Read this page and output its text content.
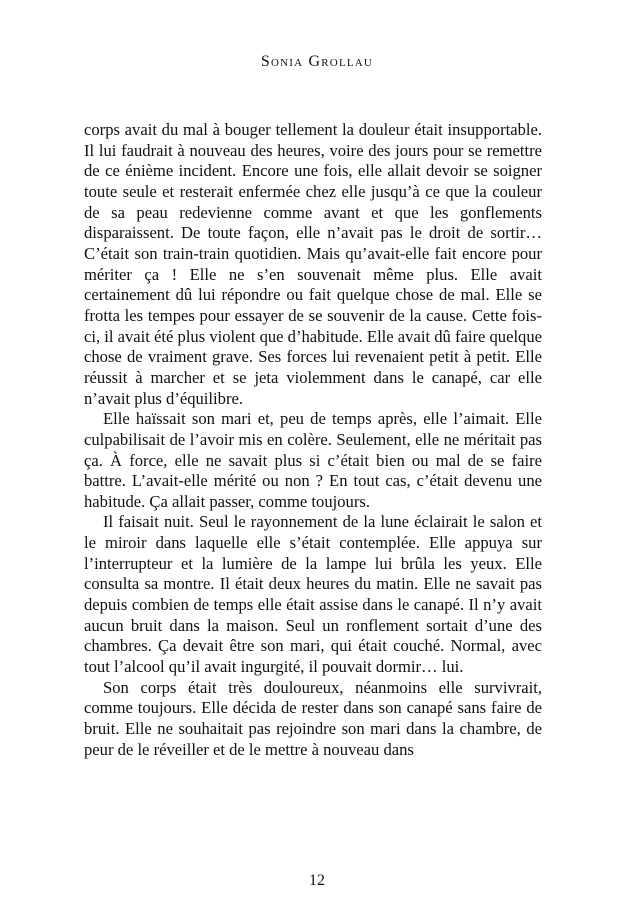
Sonia Grollau

corps avait du mal à bouger tellement la douleur était insupportable. Il lui faudrait à nouveau des heures, voire des jours pour se remettre de ce énième incident. Encore une fois, elle allait devoir se soigner toute seule et resterait enfermée chez elle jusqu’à ce que la couleur de sa peau redevienne comme avant et que les gonflements disparaissent. De toute façon, elle n’avait pas le droit de sortir… C’était son train-train quotidien. Mais qu’avait-elle fait encore pour mériter ça ! Elle ne s’en souvenait même plus. Elle avait certainement dû lui répondre ou fait quelque chose de mal. Elle se frotta les tempes pour essayer de se souvenir de la cause. Cette fois-ci, il avait été plus violent que d’habitude. Elle avait dû faire quelque chose de vraiment grave. Ses forces lui revenaient petit à petit. Elle réussit à marcher et se jeta violemment dans le canapé, car elle n’avait plus d’équilibre.

Elle haïssait son mari et, peu de temps après, elle l’aimait. Elle culpabilisait de l’avoir mis en colère. Seulement, elle ne méritait pas ça. À force, elle ne savait plus si c’était bien ou mal de se faire battre. L’avait-elle mérité ou non ? En tout cas, c’était devenu une habitude. Ça allait passer, comme toujours.

Il faisait nuit. Seul le rayonnement de la lune éclairait le salon et le miroir dans laquelle elle s’était contemplée. Elle appuya sur l’interrupteur et la lumière de la lampe lui brûla les yeux. Elle consulta sa montre. Il était deux heures du matin. Elle ne savait pas depuis combien de temps elle était assise dans le canapé. Il n’y avait aucun bruit dans la maison. Seul un ronflement sortait d’une des chambres. Ça devait être son mari, qui était couché. Normal, avec tout l’alcool qu’il avait ingurgité, il pouvait dormir… lui.

Son corps était très douloureux, néanmoins elle survivrait, comme toujours. Elle décida de rester dans son canapé sans faire de bruit. Elle ne souhaitait pas rejoindre son mari dans la chambre, de peur de le réveiller et de le mettre à nouveau dans

12
